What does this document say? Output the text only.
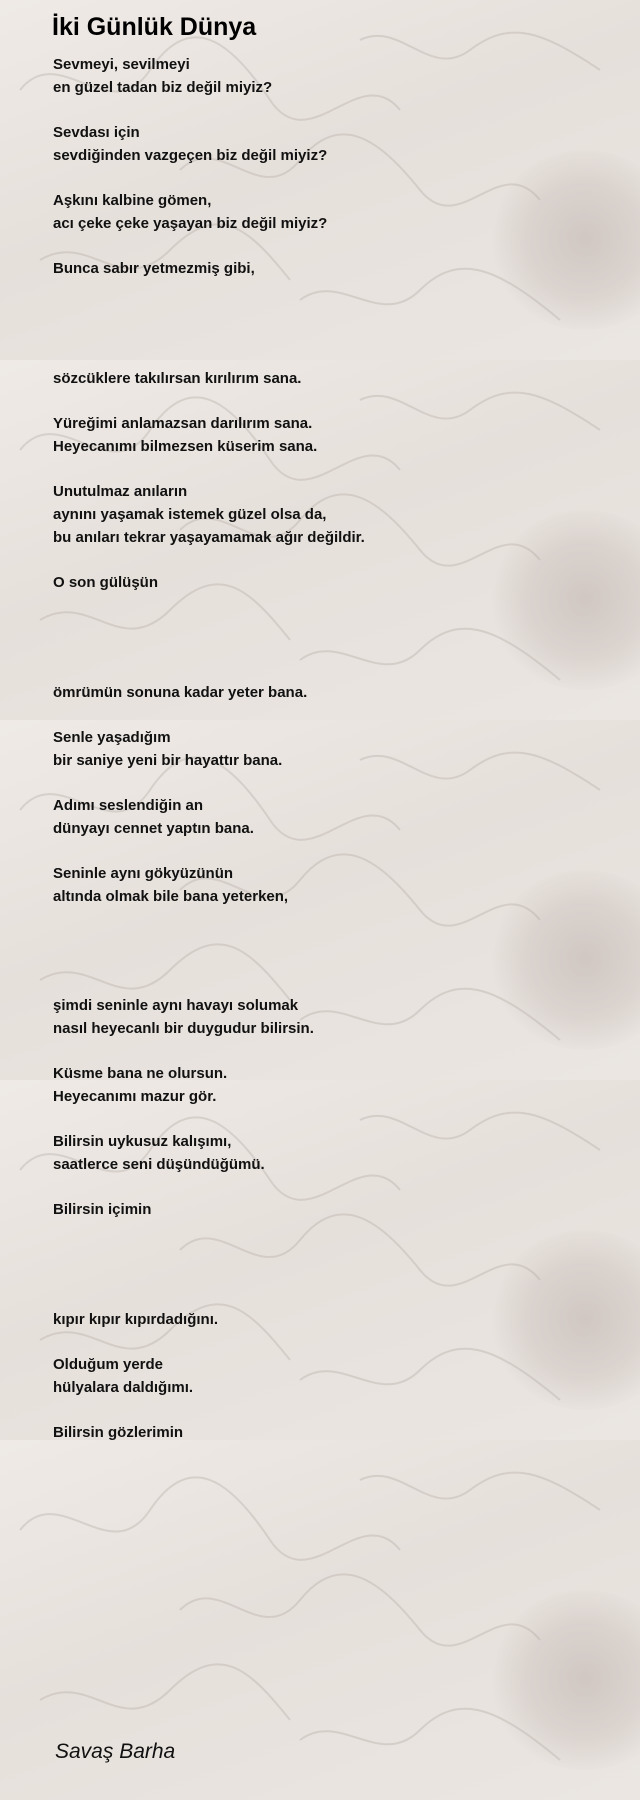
İki Günlük Dünya
Sevmeyi, sevilmeyi
en güzel tadan biz değil miyiz?
Sevdası için
sevdiğinden vazgeçen biz değil miyiz?
Aşkını kalbine gömen,
acı çeke çeke yaşayan biz değil miyiz?
Bunca sabır yetmezmiş gibi,
sözcüklere takılırsan kırılırım sana.
Yüreğimi anlamazsan darılırım sana.
Heyecanımı bilmezsen küserim sana.
Unutulmaz anıların
aynını yaşamak istemek güzel olsa da,
bu anıları tekrar yaşayamamak ağır değildir.
O son gülüşün
ömrümün sonuna kadar yeter bana.
Senle yaşadığım
bir saniye yeni bir hayattır bana.
Adımı seslendiğin an
dünyayı cennet yaptın bana.
Seninle aynı gökyüzünün
altında olmak bile bana yeterken,
şimdi seninle aynı havayı solumak
nasıl heyecanlı bir duygudur bilirsin.
Küsme bana ne olursun.
Heyecanımı mazur gör.
Bilirsin uykusuz kalışımı,
saatlerce seni düşündüğümü.
Bilirsin içimin
kıpır kıpır kıpırdadığını.
Olduğum yerde
hülyalara daldığımı.
Bilirsin gözlerimin
Savaş Barha
